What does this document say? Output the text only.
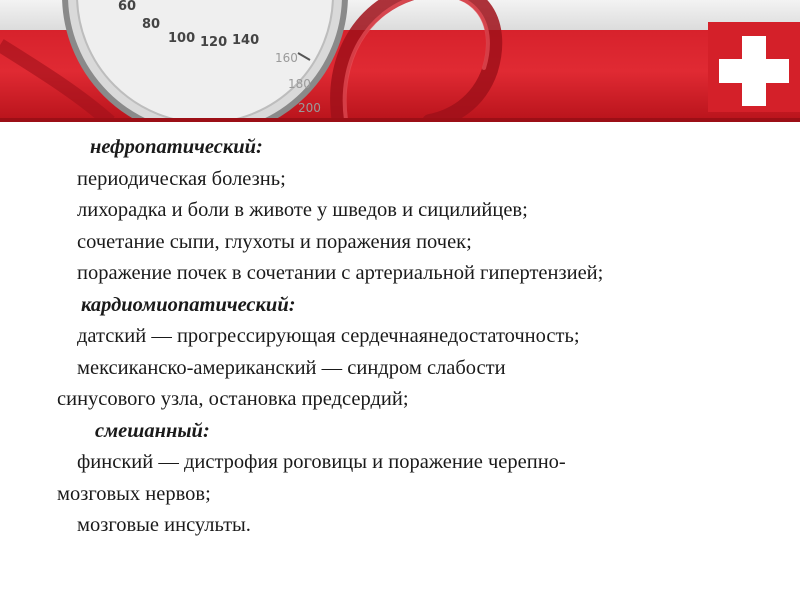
60
80
100 120 140
160
180
200
220
нефропатический:
периодическая болезнь;
лихорадка и боли в животе у шведов и сицилийцев;
сочетание сыпи, глухоты и поражения почек;
поражение почек в сочетании с артериальной гипертензией;
кардиомиопатический:
датский — прогрессирующая сердечнаянедостаточность;
мексиканско-американский — синдром слабости
синусового узла, остановка предсердий;
смешанный:
финский — дистрофия роговицы и поражение черепно-
мозговых нервов;
мозговые инсульты.
